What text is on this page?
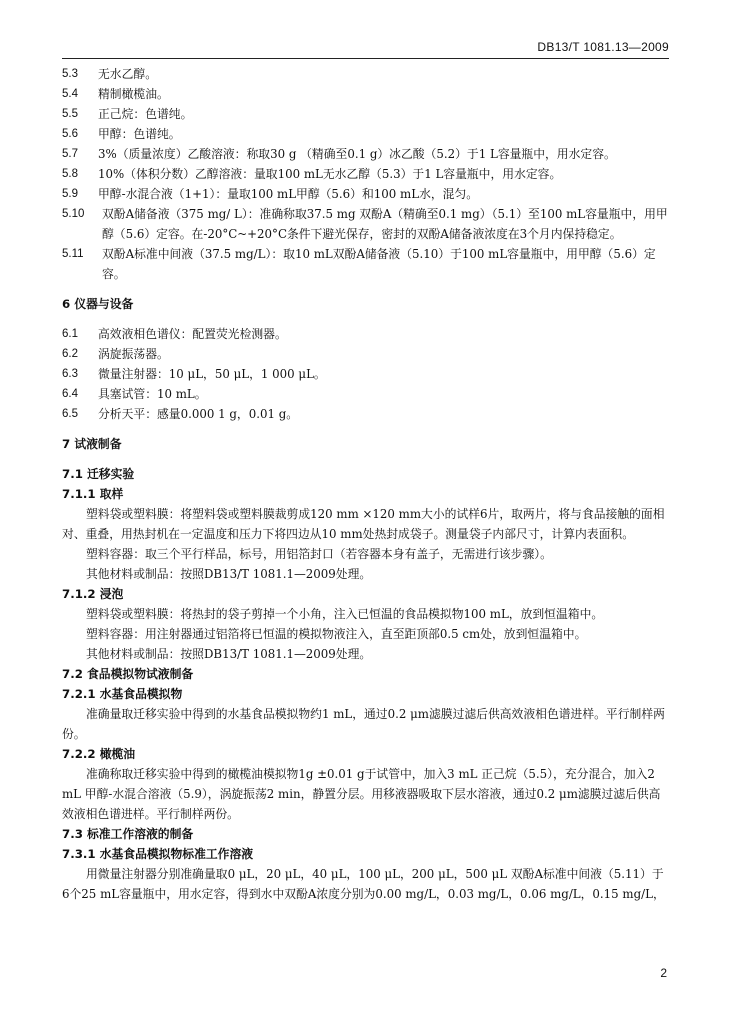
DB13/T 1081.13—2009
5.3	无水乙醇。
5.4	精制橄榄油。
5.5	正己烷：色谱纯。
5.6	甲醇：色谱纯。
5.7	3%（质量浓度）乙酸溶液：称取30 g （精确至0.1 g）冰乙酸（5.2）于1 L容量瓶中，用水定容。
5.8	10%（体积分数）乙醇溶液：量取100 mL无水乙醇（5.3）于1 L容量瓶中，用水定容。
5.9	甲醇-水混合液（1+1）：量取100 mL甲醇（5.6）和100 mL水，混匀。
5.10	双酚A储备液（375 mg/ L）：准确称取37.5 mg 双酚A（精确至0.1 mg）（5.1）至100 mL容量瓶中，用甲醇（5.6）定容。在-20°C~+20°C条件下避光保存，密封的双酚A储备液浓度在3个月内保持稳定。
5.11	双酚A标准中间液（37.5 mg/L）：取10 mL双酚A储备液（5.10）于100 mL容量瓶中，用甲醇（5.6）定容。
6 仪器与设备
6.1	高效液相色谱仪：配置荧光检测器。
6.2	涡旋振荡器。
6.3	微量注射器：10 μL，50 μL，1 000 μL。
6.4	具塞试管：10 mL。
6.5	分析天平：感量0.000 1 g，0.01 g。
7 试液制备
7.1 迁移实验
7.1.1 取样
塑料袋或塑料膜：将塑料袋或塑料膜裁剪成120 mm ×120 mm大小的试样6片，取两片，将与食品接触的面相对、重叠，用热封机在一定温度和压力下将四边从10 mm处热封成袋子。测量袋子内部尺寸，计算内表面积。
塑料容器：取三个平行样品，标号，用铝箔封口（若容器本身有盖子，无需进行该步骤）。
其他材料或制品：按照DB13/T 1081.1—2009处理。
7.1.2 浸泡
塑料袋或塑料膜：将热封的袋子剪掉一个小角，注入已恒温的食品模拟物100 mL，放到恒温箱中。
塑料容器：用注射器通过铝箔将已恒温的模拟物液注入，直至距顶部0.5 cm处，放到恒温箱中。
其他材料或制品：按照DB13/T 1081.1—2009处理。
7.2 食品模拟物试液制备
7.2.1 水基食品模拟物
准确量取迁移实验中得到的水基食品模拟物约1 mL，通过0.2 μm滤膜过滤后供高效液相色谱进样。平行制样两份。
7.2.2 橄榄油
准确称取迁移实验中得到的橄榄油模拟物1g ±0.01 g于试管中，加入3 mL 正己烷（5.5），充分混合，加入2 mL 甲醇-水混合溶液（5.9），涡旋振荡2 min，静置分层。用移液器吸取下层水溶液，通过0.2 μm滤膜过滤后供高效液相色谱进样。平行制样两份。
7.3 标准工作溶液的制备
7.3.1 水基食品模拟物标准工作溶液
用微量注射器分别准确量取0 μL，20 μL，40 μL，100 μL，200 μL，500 μL 双酚A标准中间液（5.11）于6个25 mL容量瓶中，用水定容，得到水中双酚A浓度分别为0.00 mg/L，0.03 mg/L，0.06 mg/L，0.15 mg/L，
2
